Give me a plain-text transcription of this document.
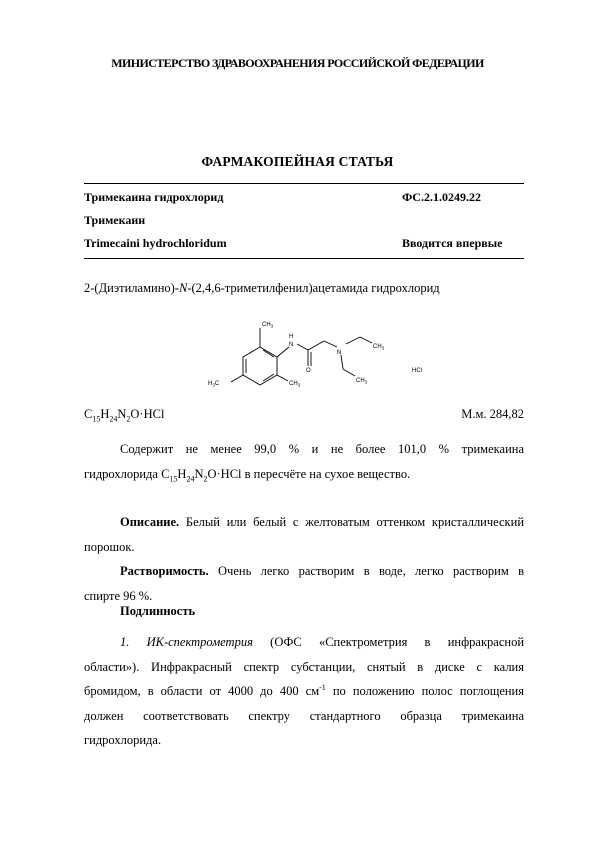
МИНИСТЕРСТВО ЗДРАВООХРАНЕНИЯ РОССИЙСКОЙ ФЕДЕРАЦИИ
ФАРМАКОПЕЙНАЯ СТАТЬЯ
Тримекаина гидрохлорид	ФС.2.1.0249.22
Тримекаин
Trimecaini hydrochloridum	Вводится впервые
2-(Диэтиламино)-N-(2,4,6-триметилфенил)ацетамида гидрохлорид
$CH_3$
H
N
O
N
$CH_3$
$CH_3$
$H_3C$	$CH_3$
HCl
$C_{15}H_{24}N_2O\cdot HCl$	М.м. 284,82
Содержит не менее 99,0 % и не более 101,0 % тримекаина
гидрохлорида $C_{15}H_{24}N_2O\cdot HCl$ в пересчёте на сухое вещество.
Описание. Белый или белый с желтоватым оттенком кристаллический
порошок.
Растворимость. Очень легко растворим в воде, легко растворим в
спирте 96 %.
Подлинность
1. ИК-спектрометрия (ОФС «Спектрометрия в инфракрасной
области»). Инфракрасный спектр субстанции, снятый в диске с калия
бромидом, в области от 4000 до 400 $см^{-1}$ по положению полос поглощения
должен соответствовать спектру стандартного образца тримекаина
гидрохлорида.
